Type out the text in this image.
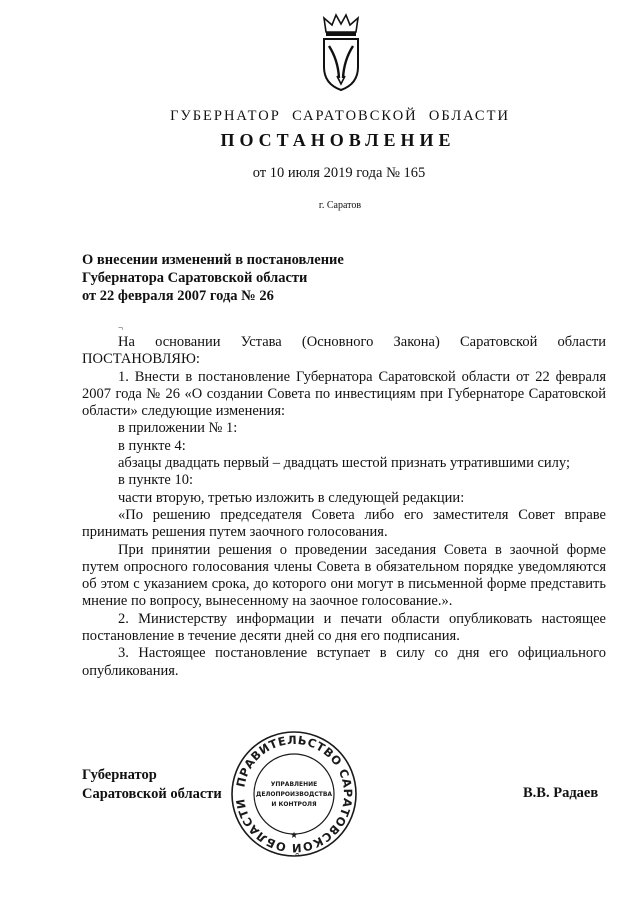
ГУБЕРНАТОР  САРАТОВСКОЙ  ОБЛАСТИ
ПОСТАНОВЛЕНИЕ
от 10 июля 2019 года № 165
г. Саратов
О внесении изменений в постановление
Губернатора Саратовской области
от 22 февраля 2007 года № 26
¬

На основании Устава (Основного Закона) Саратовской области ПОСТАНОВЛЯЮ:

1. Внести в постановление Губернатора Саратовской области от 22 февраля 2007 года № 26 «О создании Совета по инвестициям при Губернаторе Саратовской области» следующие изменения:

в приложении № 1:

в пункте 4:

абзацы двадцать первый – двадцать шестой признать утратившими силу;

в пункте 10:

части вторую, третью изложить в следующей редакции:

«По решению председателя Совета либо его заместителя Совет вправе принимать решения путем заочного голосования.

При принятии решения о проведении заседания Совета в заочной форме путем опросного голосования члены Совета в обязательном порядке уведомляются об этом с указанием срока, до которого они могут в письменной форме представить мнение по вопросу, вынесенному на заочное голосование.».

2. Министерству информации и печати области опубликовать настоящее постановление в течение десяти дней со дня его подписания.

3. Настоящее постановление вступает в силу со дня его официального опубликования.

Губернатор
Саратовской области
ПРАВИТЕЛЬСТВО САРАТОВСКОЙ ОБЛАСТИ
★
УПРАВЛЕНИЕ
ДЕЛОПРОИЗВОДСТВА
И КОНТРОЛЯ
В.В. Радаев
